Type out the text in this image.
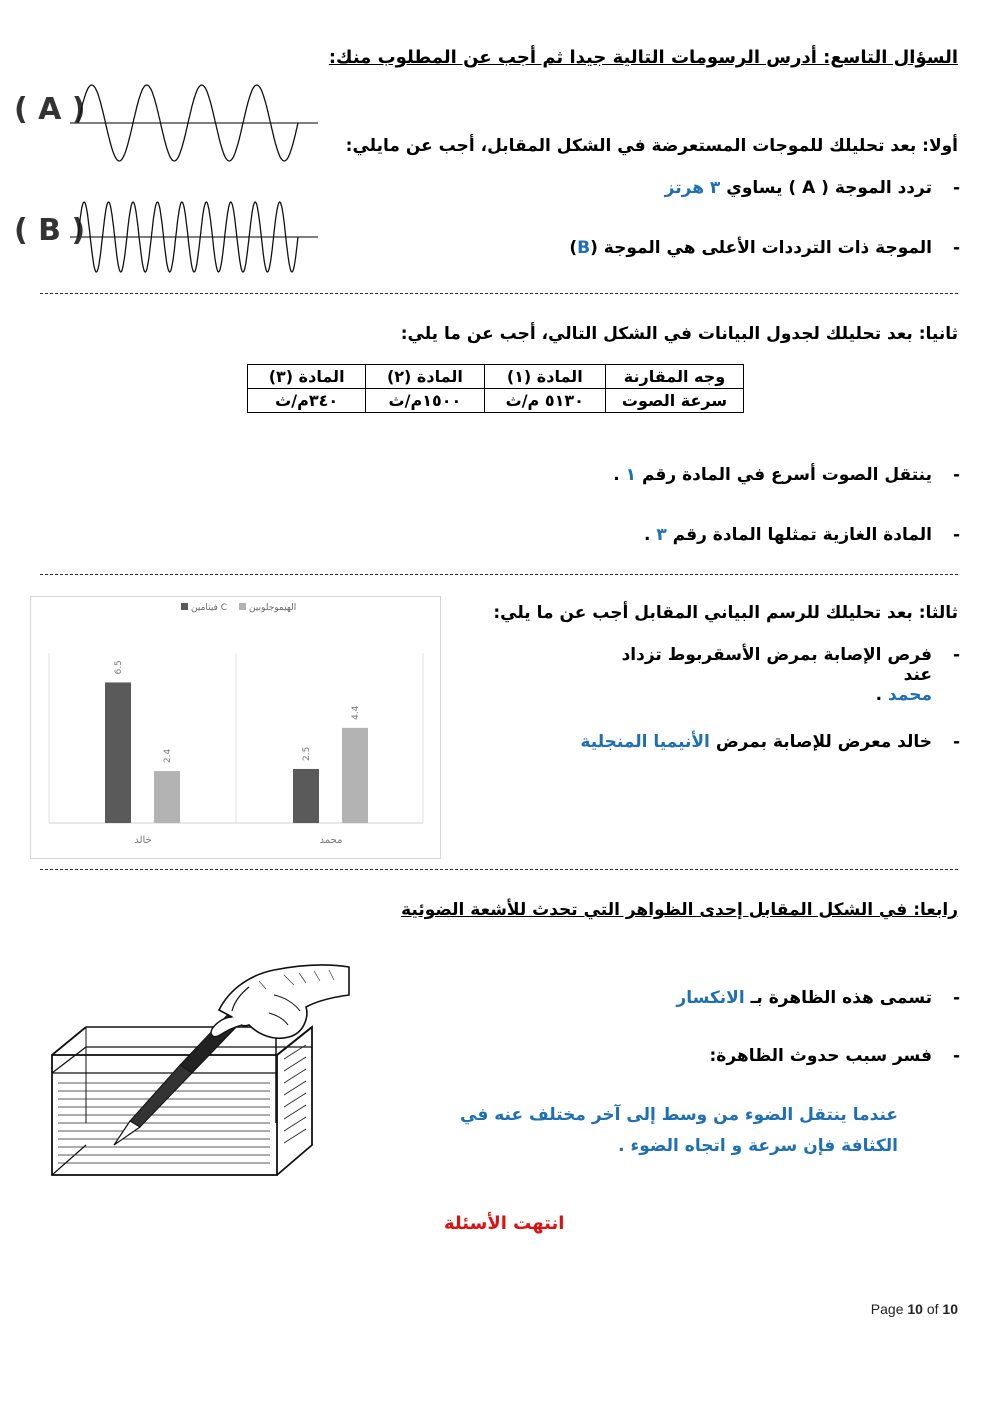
السؤال التاسع: أدرس الرسومات التالية جيدا ثم أجب عن المطلوب منك:
( A )
( B )
أولا: بعد تحليلك للموجات المستعرضة في الشكل المقابل، أجب عن مايلي:
-
تردد الموجة ( A ) يساوي ٣ هرتز
-
الموجة ذات الترددات الأعلى هي الموجة (B)
ثانيا: بعد تحليلك لجدول البيانات في الشكل التالي، أجب عن ما يلي:
وجه المقارنة	المادة (١)	المادة (٢)	المادة (٣)
سرعة الصوت	٥١٣٠ م/ث	١٥٠٠م/ث	٣٤٠م/ث
-
ينتقل الصوت أسرع في المادة رقم ١ .
-
المادة الغازية تمثلها المادة رقم ٣ .
فيتامين C الهيموجلوبين
6.5
2.4
خالد
2.5
4.4
محمد
ثالثا: بعد تحليلك للرسم البياني المقابل أجب عن ما يلي:
-
فرص الإصابة بمرض الأسقربوط تزداد عند
محمد .
-
خالد معرض للإصابة بمرض الأنيميا المنجلية
رابعا: في الشكل المقابل إحدى الظواهر التي تحدث للأشعة الضوئية
-
تسمى هذه الظاهرة بـ الانكسار
-
فسر سبب حدوث الظاهرة:
عندما ينتقل الضوء من وسط إلى آخر مختلف عنه في الكثافة فإن سرعة و اتجاه الضوء .
انتهت الأسئلة
Page 10 of 10
